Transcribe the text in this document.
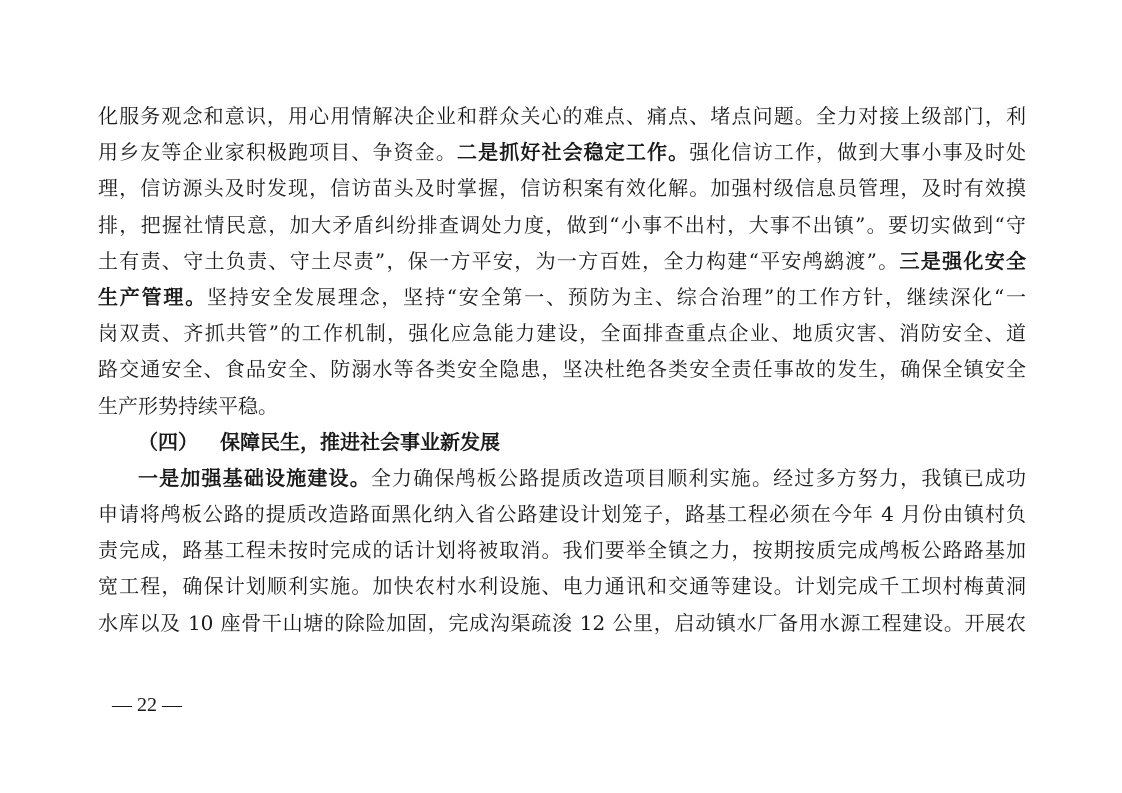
化服务观念和意识，用心用情解决企业和群众关心的难点、痛点、堵点问题。全力对接上级部门，利
用乡友等企业家积极跑项目、争资金。二是抓好社会稳定工作。强化信访工作，做到大事小事及时处
理，信访源头及时发现，信访苗头及时掌握，信访积案有效化解。加强村级信息员管理，及时有效摸
排，把握社情民意，加大矛盾纠纷排查调处力度，做到“小事不出村，大事不出镇”。要切实做到“守
土有责、守土负责、守土尽责”，保一方平安，为一方百姓，全力构建“平安鸬鹚渡”。三是强化安全
生产管理。坚持安全发展理念，坚持“安全第一、预防为主、综合治理”的工作方针，继续深化“一
岗双责、齐抓共管”的工作机制，强化应急能力建设，全面排查重点企业、地质灾害、消防安全、道
路交通安全、食品安全、防溺水等各类安全隐患，坚决杜绝各类安全责任事故的发生，确保全镇安全
生产形势持续平稳。
（四） 保障民生，推进社会事业新发展
一是加强基础设施建设。全力确保鸬板公路提质改造项目顺利实施。经过多方努力，我镇已成功
申请将鸬板公路的提质改造路面黑化纳入省公路建设计划笼子，路基工程必须在今年 4 月份由镇村负
责完成，路基工程未按时完成的话计划将被取消。我们要举全镇之力，按期按质完成鸬板公路路基加
宽工程，确保计划顺利实施。加快农村水利设施、电力通讯和交通等建设。计划完成千工坝村梅黄洞
水库以及 10 座骨干山塘的除险加固，完成沟渠疏浚 12 公里，启动镇水厂备用水源工程建设。开展农
— 22 —
